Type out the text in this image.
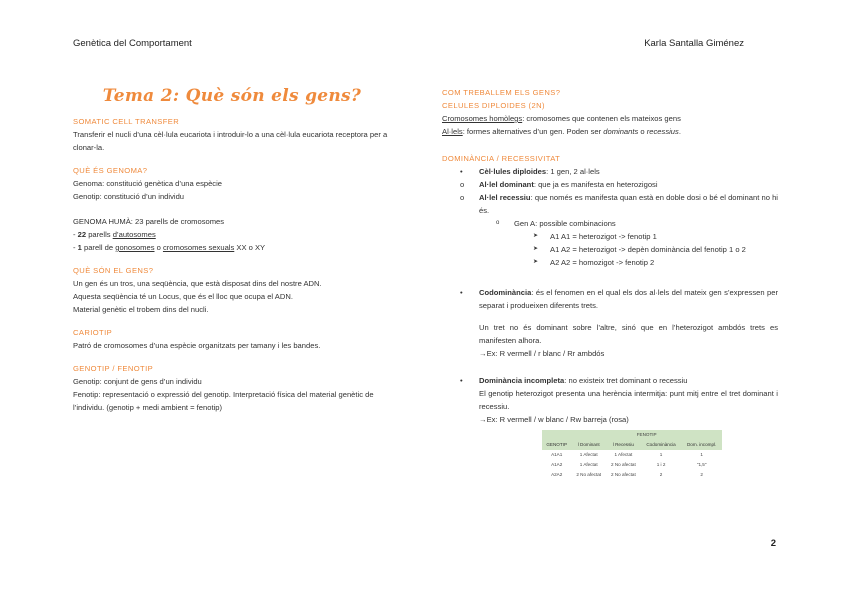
Genètica del Comportament	Karla Santalla Giménez
Tema 2: Què són els gens?
SOMATIC CELL TRANSFER
Transferir el nucli d’una cèl·lula eucariota i introduir-lo a una cèl·lula eucariota receptora per a clonar-la.
QUÈ ÉS GENOMA?
Genoma: constitució genètica d’una espècie
Genotip: constitució d’un individu
GENOMA HUMÀ: 23 parells de cromosomes
- 22 parells d’autosomes
- 1 parell de gonosomes o cromosomes sexuals XX o XY
QUÈ SÓN EL GENS?
Un gen és un tros, una seqüència, que està disposat dins del nostre ADN.
Aquesta seqüència té un Locus, que és el lloc que ocupa el ADN.
Material genètic el trobem dins del nucli.
CARIOTIP
Patró de cromosomes d’una espècie organitzats per tamany i les bandes.
GENOTIP / FENOTIP
Genotip: conjunt de gens d’un individu
Fenotip: representació o expressió del genotip. Interpretació física del material genètic de l’individu. (genotip + medi ambient = fenotip)
COM TREBALLEM ELS GENS?
CELULES DIPLOIDES (2N)
Cromosomes homòlegs: cromosomes que contenen els mateixos gens
Al·lels: formes alternatives d’un gen. Poden ser dominants o recessius.
DOMINÀNCIA / RECESSIVITAT
• Cèl·lules diploides: 1 gen, 2 al·lels
o Al·lel dominant: que ja es manifesta en heterozigosi
o Al·lel recessiu: que només es manifesta quan està en doble dosi o bé el dominant no hi és.
o Gen A: possible combinacions
➤ A1 A1 = heterozigot -> fenotip 1
➤ A1 A2 = heterozigot -> depèn dominància del fenotip 1 o 2
➤ A2 A2 = homozigot -> fenotip 2
• Codominància: és el fenomen en el qual els dos al·lels del mateix gen s’expressen per separat i produeixen diferents trets.
Un tret no és dominant sobre l’altre, sinó que en l’heterozigot ambdós trets es manifesten alhora.
→Ex: R vermell / r blanc / Rr ambdós
• Dominància incompleta: no existeix tret dominant o recessiu
El genotip heterozigot presenta una herència intermitja: punt mitj entre el tret dominant i recessiu.
→Ex: R vermell / w blanc / Rw barreja (rosa)
	FENOTIP			
GENOTIP	l Dominant	l Recessiu	Codominància	Dom. incompl.
A1A1	1 Afectat	1 Afectat	1	1
A1A2	1 Afectat	2 No afectat	1 i 2	"1,5"
A2A2	2 No afectat	2 No afectat	2	2
2
